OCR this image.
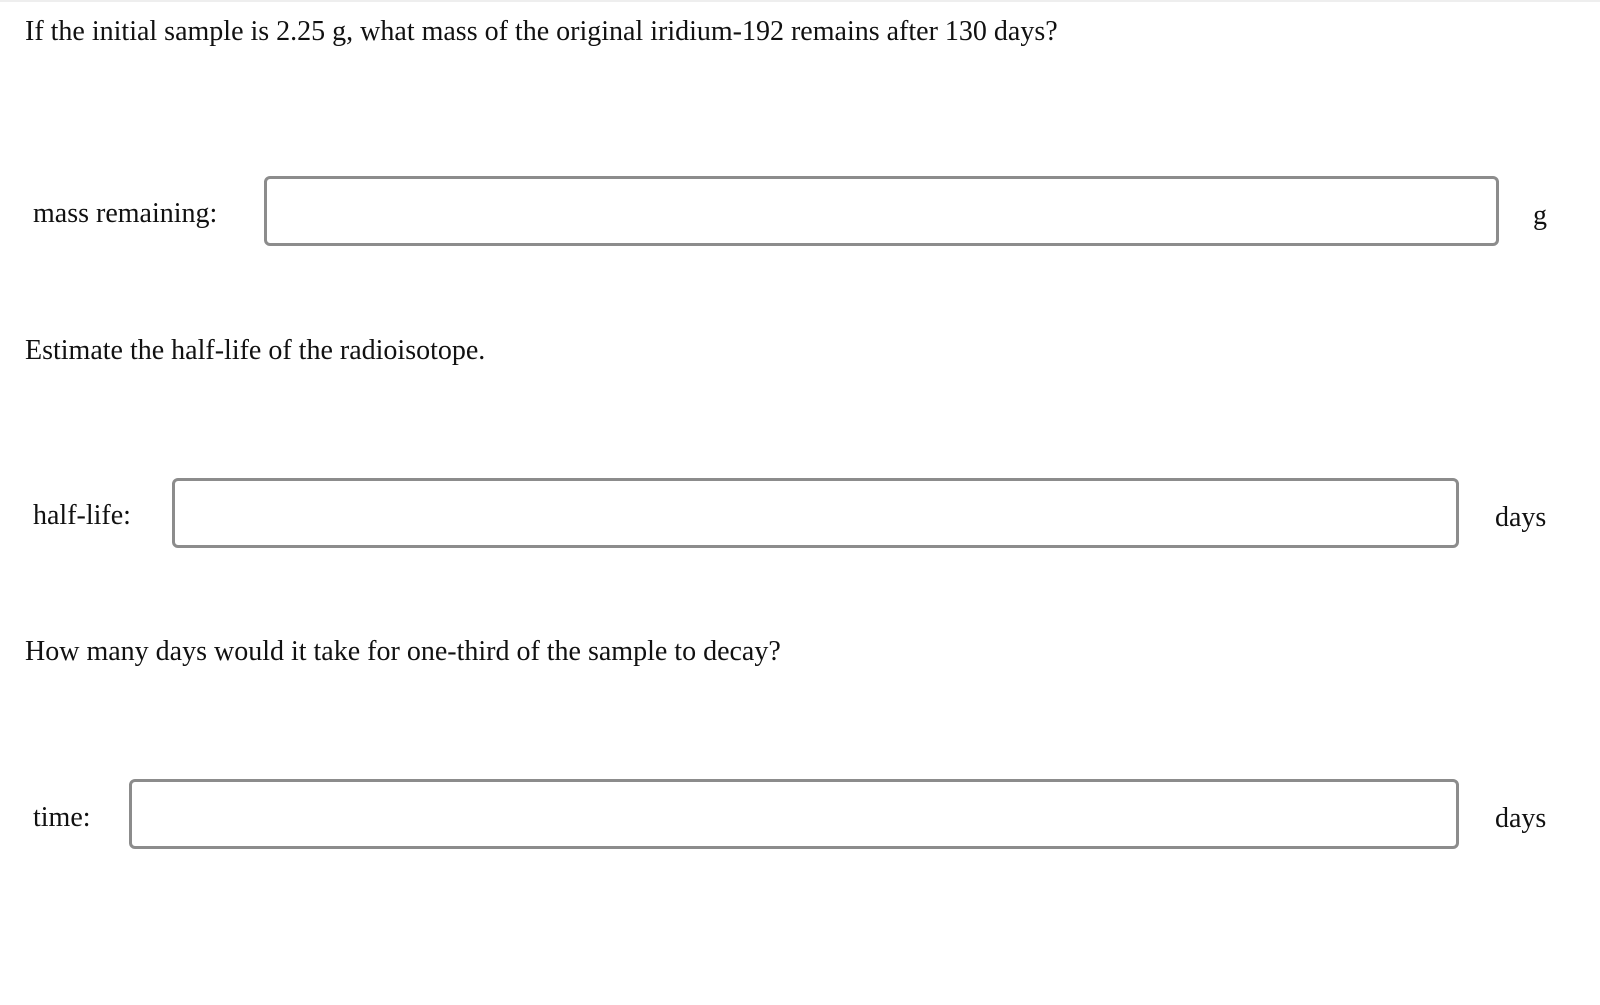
If the initial sample is 2.25 g, what mass of the original iridium-192 remains after 130 days?
mass remaining:	g
Estimate the half-life of the radioisotope.
half-life:	days
How many days would it take for one-third of the sample to decay?
time:	days
